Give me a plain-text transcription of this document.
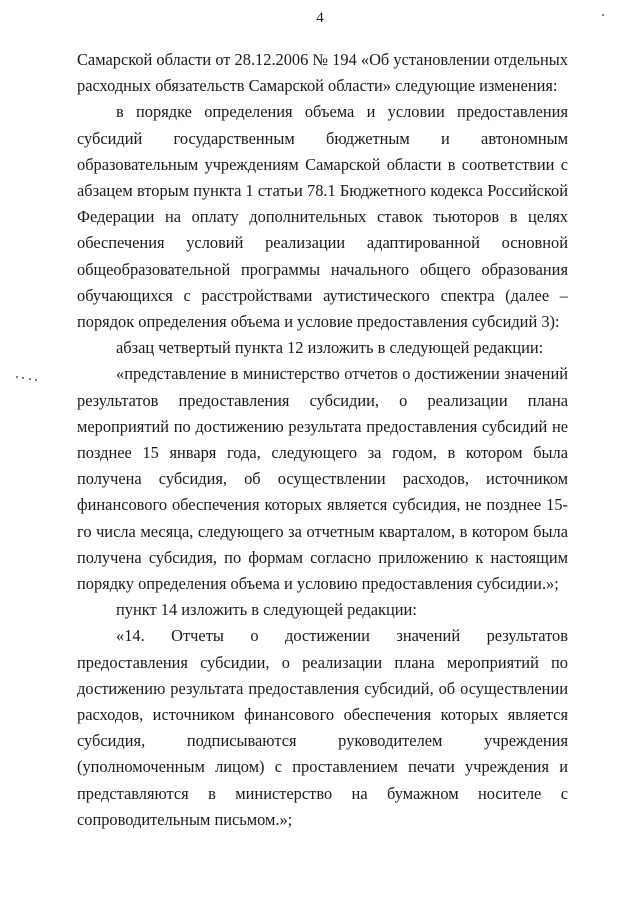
4

Самарской области от 28.12.2006 № 194 «Об установлении отдельных расходных обязательств Самарской области» следующие изменения:

в порядке определения объема и условии предоставления субсидий государственным бюджетным и автономным образовательным учреждениям Самарской области в соответствии с абзацем вторым пункта 1 статьи 78.1 Бюджетного кодекса Российской Федерации на оплату дополнительных ставок тьюторов в целях обеспечения условий реализации адаптированной основной общеобразовательной программы начального общего образования обучающихся с расстройствами аутистического спектра (далее – порядок определения объема и условие предоставления субсидий 3):

абзац четвертый пункта 12 изложить в следующей редакции:

«представление в министерство отчетов о достижении значений результатов предоставления субсидии, о реализации плана мероприятий по достижению результата предоставления субсидий не позднее 15 января года, следующего за годом, в котором была получена субсидия, об осуществлении расходов, источником финансового обеспечения которых является субсидия, не позднее 15-го числа месяца, следующего за отчетным кварталом, в котором была получена субсидия, по формам согласно приложению к настоящим порядку определения объема и условию предоставления субсидии.»;

пункт 14 изложить в следующей редакции:

«14. Отчеты о достижении значений результатов предоставления субсидии, о реализации плана мероприятий по достижению результата предоставления субсидий, об осуществлении расходов, источником финансового обеспечения которых является субсидия, подписываются руководителем учреждения (уполномоченным лицом) с проставлением печати учреждения и представляются в министерство на бумажном носителе с сопроводительным письмом.»;
